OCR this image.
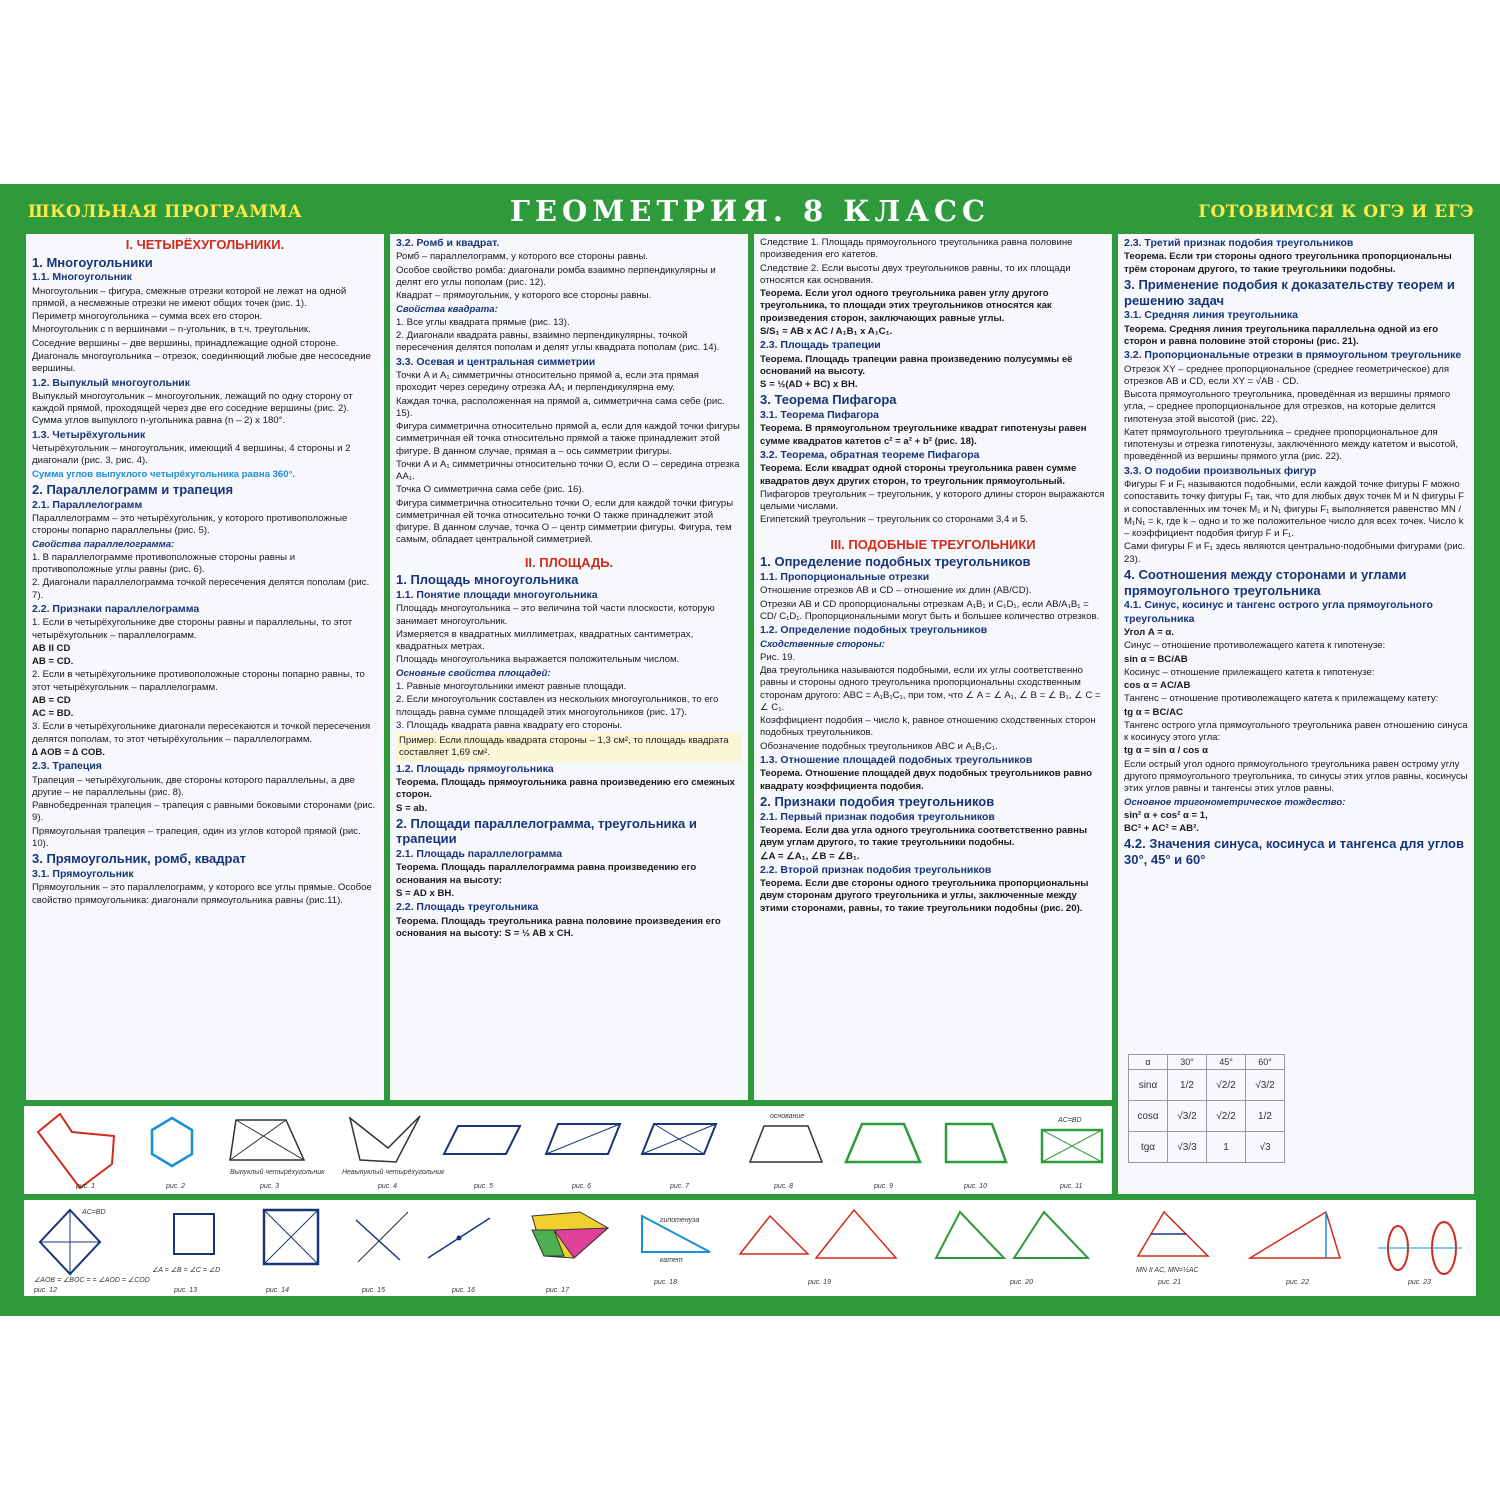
ШКОЛЬНАЯ ПРОГРАММА	ГЕОМЕТРИЯ. 8 КЛАСС	ГОТОВИМСЯ К ОГЭ И ЕГЭ

I. ЧЕТЫРЁХУГОЛЬНИКИ.

1. Многоугольники

1.1. Многоугольник

Многоугольник – фигура, смежные отрезки которой не лежат на одной прямой, а несмежные отрезки не имеют общих точек (рис. 1).

Периметр многоугольника – сумма всех его сторон.

Многоугольник с n вершинами – n-угольник, в т.ч. треугольник.

Соседние вершины – две вершины, принадлежащие одной стороне.

Диагональ многоугольника – отрезок, соединяющий любые две несоседние вершины.

1.2. Выпуклый многоугольник

Выпуклый многоугольник – многоугольник, лежащий по одну сторону от каждой прямой, проходящей через две его соседние вершины (рис. 2). Сумма углов выпуклого n-угольника равна (n – 2) х 180°.

1.3. Четырёхугольник

Четырёхугольник – многоугольник, имеющий 4 вершины, 4 стороны и 2 диагонали (рис. 3, рис. 4).

Сумма углов выпуклого четырёхугольника равна 360°.

2. Параллелограмм и трапеция

2.1. Параллелограмм

Параллелограмм – это четырёхугольник, у которого противоположные стороны попарно параллельны (рис. 5).

Свойства параллелограмма:

1. В параллелограмме противоположные стороны равны и противоположные углы равны (рис. 6).

2. Диагонали параллелограмма точкой пересечения делятся пополам (рис. 7).

2.2. Признаки параллелограмма

1. Если в четырёхугольнике две стороны равны и параллельны, то этот четырёхугольник – параллелограмм.

AB II CD

AB = CD.

2. Если в четырёхугольнике противоположные стороны попарно равны, то этот четырёхугольник – параллелограмм.

AB = CD

AC = BD.

3. Если в четырёхугольнике диагонали пересекаются и точкой пересечения делятся пополам, то этот четырёхугольник – параллелограмм.

∆ AOB = ∆ COB.

2.3. Трапеция

Трапеция – четырёхугольник, две стороны которого параллельны, а две другие – не параллельны (рис. 8).

Равнобедренная трапеция – трапеция с равными боковыми сторонами (рис. 9).

Прямоугольная трапеция – трапеция, один из углов которой прямой (рис. 10).

3. Прямоугольник, ромб, квадрат

3.1. Прямоугольник

Прямоугольник – это параллелограмм, у которого все углы прямые. Особое свойство прямоугольника: диагонали прямоугольника равны (рис.11).

3.2. Ромб и квадрат.

Ромб – параллелограмм, у которого все стороны равны.

Особое свойство ромба: диагонали ромба взаимно перпендикулярны и делят его углы пополам (рис. 12).

Квадрат – прямоугольник, у которого все стороны равны.

Свойства квадрата:

1. Все углы квадрата прямые (рис. 13).

2. Диагонали квадрата равны, взаимно перпендикулярны, точкой пересечения делятся пополам и делят углы квадрата пополам (рис. 14).

3.3. Осевая и центральная симметрии

Точки A и A₁ симметричны относительно прямой a, если эта прямая проходит через середину отрезка AA₁ и перпендикулярна ему.

Каждая точка, расположенная на прямой a, симметрична сама себе (рис. 15).

Фигура симметрична относительно прямой a, если для каждой точки фигуры симметричная ей точка относительно прямой a также принадлежит этой фигуре. В данном случае, прямая a – ось симметрии фигуры.

Точки A и A₁ симметричны относительно точки O, если O – середина отрезка AA₁.

Точка O симметрична сама себе (рис. 16).

Фигура симметрична относительно точки O, если для каждой точки фигуры симметричная ей точка относительно точки O также принадлежит этой фигуре. В данном случае, точка O – центр симметрии фигуры. Фигура, тем самым, обладает центральной симметрией.

II. ПЛОЩАДЬ.

1. Площадь многоугольника

1.1. Понятие площади многоугольника

Площадь многоугольника – это величина той части плоскости, которую занимает многоугольник.

Измеряется в квадратных миллиметрах, квадратных сантиметрах, квадратных метрах.

Площадь многоугольника выражается положительным числом.

Основные свойства площадей:

1. Равные многоугольники имеют равные площади.

2. Если многоугольник составлен из нескольких многоугольников, то его площадь равна сумме площадей этих многоугольников (рис. 17).

3. Площадь квадрата равна квадрату его стороны.

Пример. Если площадь квадрата стороны – 1,3 см², то площадь квадрата составляет 1,69 см².

1.2. Площадь прямоугольника

Теорема. Площадь прямоугольника равна произведению его смежных сторон.

S = ab.

2. Площади параллелограмма, треугольника и трапеции

2.1. Площадь параллелограмма

Теорема. Площадь параллелограмма равна произведению его основания на высоту:

S = AD x BH.

2.2. Площадь треугольника

Теорема. Площадь треугольника равна половине произведения его основания на высоту: S = ½ AB x CH.

Следствие 1. Площадь прямоугольного треугольника равна половине произведения его катетов.

Следствие 2. Если высоты двух треугольников равны, то их площади относятся как основания.

Теорема. Если угол одного треугольника равен углу другого треугольника, то площади этих треугольников относятся как произведения сторон, заключающих равные углы.

S/S₁ = AB x AC / A₁B₁ x A₁C₁.

2.3. Площадь трапеции

Теорема. Площадь трапеции равна произведению полусуммы её оснований на высоту.

S = ½(AD + BC) x BH.

3. Теорема Пифагора

3.1. Теорема Пифагора

Теорема. В прямоугольном треугольнике квадрат гипотенузы равен сумме квадратов катетов c² = a² + b² (рис. 18).

3.2. Теорема, обратная теореме Пифагора

Теорема. Если квадрат одной стороны треугольника равен сумме квадратов двух других сторон, то треугольник прямоугольный.

Пифагоров треугольник – треугольник, у которого длины сторон выражаются целыми числами.

Египетский треугольник – треугольник со сторонами 3,4 и 5.

III. ПОДОБНЫЕ ТРЕУГОЛЬНИКИ

1. Определение подобных треугольников

1.1. Пропорциональные отрезки

Отношение отрезков AB и CD – отношение их длин (AB/CD).

Отрезки AB и CD пропорциональны отрезкам A₁B₁ и C₁D₁, если AB/A₁B₁ = CD/ C₁D₁. Пропорциональными могут быть и большее количество отрезков.

1.2. Определение подобных треугольников

Сходственные стороны:

Рис. 19.

Два треугольника называются подобными, если их углы соответственно равны и стороны одного треугольника пропорциональны сходственным сторонам другого: ABC = A₁B₁C₁, при том, что ∠ A = ∠ A₁, ∠ B = ∠ B₁, ∠ C = ∠ C₁.

Коэффициент подобия – число k, равное отношению сходственных сторон подобных треугольников.

Обозначение подобных треугольников ABC и A₁B₁C₁.

1.3. Отношение площадей подобных треугольников

Теорема. Отношение площадей двух подобных треугольников равно квадрату коэффициента подобия.

2. Признаки подобия треугольников

2.1. Первый признак подобия треугольников

Теорема. Если два угла одного треугольника соответственно равны двум углам другого, то такие треугольники подобны.

∠A = ∠A₁, ∠B = ∠B₁.

2.2. Второй признак подобия треугольников

Теорема. Если две стороны одного треугольника пропорциональны двум сторонам другого треугольника и углы, заключенные между этими сторонами, равны, то такие треугольники подобны (рис. 20).

2.3. Третий признак подобия треугольников

Теорема. Если три стороны одного треугольника пропорциональны трём сторонам другого, то такие треугольники подобны.

3. Применение подобия к доказательству теорем и решению задач

3.1. Средняя линия треугольника

Теорема. Средняя линия треугольника параллельна одной из его сторон и равна половине этой стороны (рис. 21).

3.2. Пропорциональные отрезки в прямоугольном треугольнике

Отрезок XY – среднее пропорциональное (среднее геометрическое) для отрезков AB и CD, если XY = √AB · CD.

Высота прямоугольного треугольника, проведённая из вершины прямого угла, – среднее пропорциональное для отрезков, на которые делится гипотенуза этой высотой (рис. 22).

Катет прямоугольного треугольника – среднее пропорциональное для гипотенузы и отрезка гипотенузы, заключённого между катетом и высотой, проведённой из вершины прямого угла (рис. 22).

3.3. О подобии произвольных фигур

Фигуры F и F₁ называются подобными, если каждой точке фигуры F можно сопоставить точку фигуры F₁ так, что для любых двух точек M и N фигуры F и сопоставленных им точек M₁ и N₁ фигуры F₁ выполняется равенство MN / M₁N₁ = k, где k – одно и то же положительное число для всех точек. Число k – коэффициент подобия фигур F и F₁.

Сами фигуры F и F₁ здесь являются центрально-подобными фигурами (рис. 23).

4. Соотношения между сторонами и углами прямоугольного треугольника

4.1. Синус, косинус и тангенс острого угла прямоугольного треугольника

Угол A = α.

Синус – отношение противолежащего катета к гипотенузе:

sin α = BC/AB

Косинус – отношение прилежащего катета к гипотенузе:

cos α = AC/AB

Тангенс – отношение противолежащего катета к прилежащему катету:

tg α = BC/AC

Тангенс острого угла прямоугольного треугольника равен отношению синуса к косинусу этого угла:

tg α = sin α / cos α

Если острый угол одного прямоугольного треугольника равен острому углу другого прямоугольного треугольника, то синусы этих углов равны, косинусы этих углов равны и тангенсы этих углов равны.

Основное тригонометрическое тождество:

sin² α + cos² α = 1,

BC² + AC² = AB².

4.2. Значения синуса, косинуса и тангенса для углов 30°, 45° и 60°

α	30°	45°	60°
sinα	1/2	√2/2	√3/2
cosα	√3/2	√2/2	1/2
tgα	√3/3	1	√3
рис. 1	рис. 2
Выпуклый четырёхугольник
рис. 3
Невыпуклый четырёхугольник
рис. 4	рис. 5	рис. 6	рис. 7
основание
рис. 8	рис. 9	рис. 10
AC=BD
рис. 11
AC=BD
∠AOB = ∠BOC = = ∠AOD = ∠COD
рис. 12
∠A = ∠B = ∠C = ∠D
рис. 13	рис. 14	рис. 15	рис. 16	рис. 17
гипотенуза
катет
рис. 18	рис. 19	рис. 20
MN II AC, MN=½AC
рис. 21	рис. 22	рис. 23
